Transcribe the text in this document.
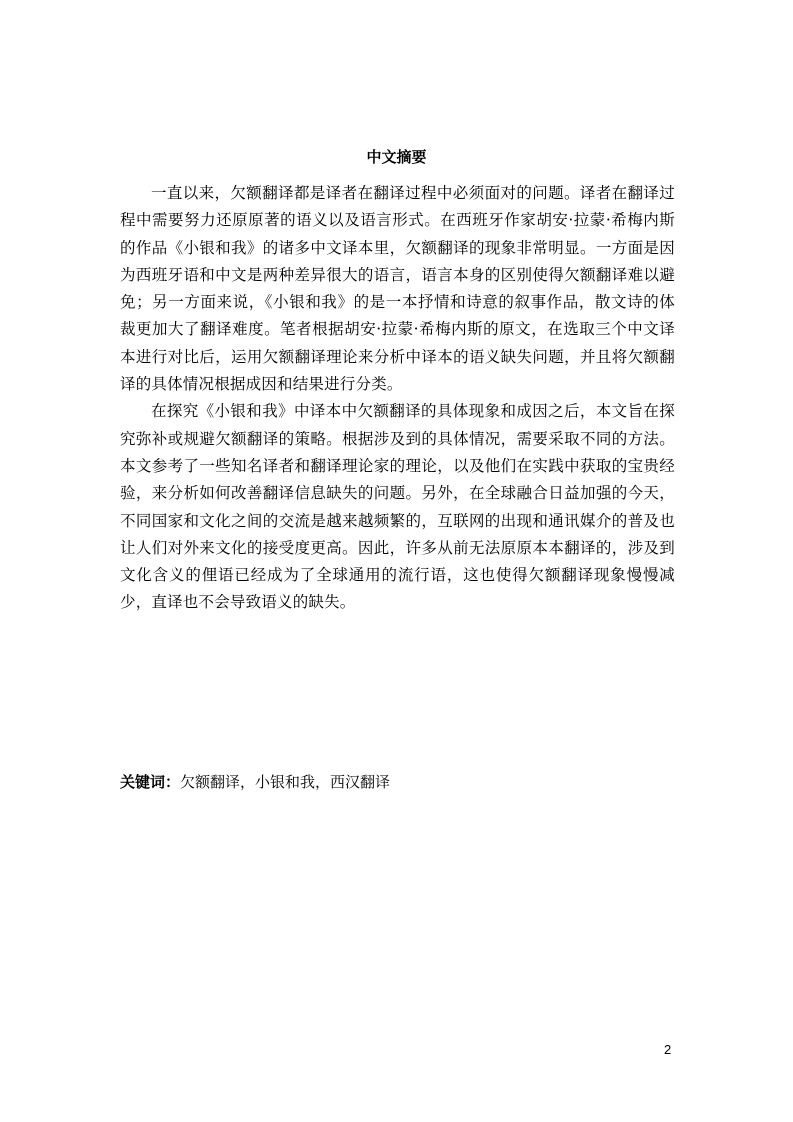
中文摘要

一直以来，欠额翻译都是译者在翻译过程中必须面对的问题。译者在翻译过程中需要努力还原原著的语义以及语言形式。在西班牙作家胡安·拉蒙·希梅内斯的作品《小银和我》的诸多中文译本里，欠额翻译的现象非常明显。一方面是因为西班牙语和中文是两种差异很大的语言，语言本身的区别使得欠额翻译难以避免；另一方面来说，《小银和我》的是一本抒情和诗意的叙事作品，散文诗的体裁更加大了翻译难度。笔者根据胡安·拉蒙·希梅内斯的原文，在选取三个中文译本进行对比后，运用欠额翻译理论来分析中译本的语义缺失问题，并且将欠额翻译的具体情况根据成因和结果进行分类。

在探究《小银和我》中译本中欠额翻译的具体现象和成因之后，本文旨在探究弥补或规避欠额翻译的策略。根据涉及到的具体情况，需要采取不同的方法。本文参考了一些知名译者和翻译理论家的理论，以及他们在实践中获取的宝贵经验，来分析如何改善翻译信息缺失的问题。另外，在全球融合日益加强的今天，不同国家和文化之间的交流是越来越频繁的，互联网的出现和通讯媒介的普及也让人们对外来文化的接受度更高。因此，许多从前无法原原本本翻译的，涉及到文化含义的俚语已经成为了全球通用的流行语，这也使得欠额翻译现象慢慢减少，直译也不会导致语义的缺失。

关键词：欠额翻译，小银和我，西汉翻译

2
